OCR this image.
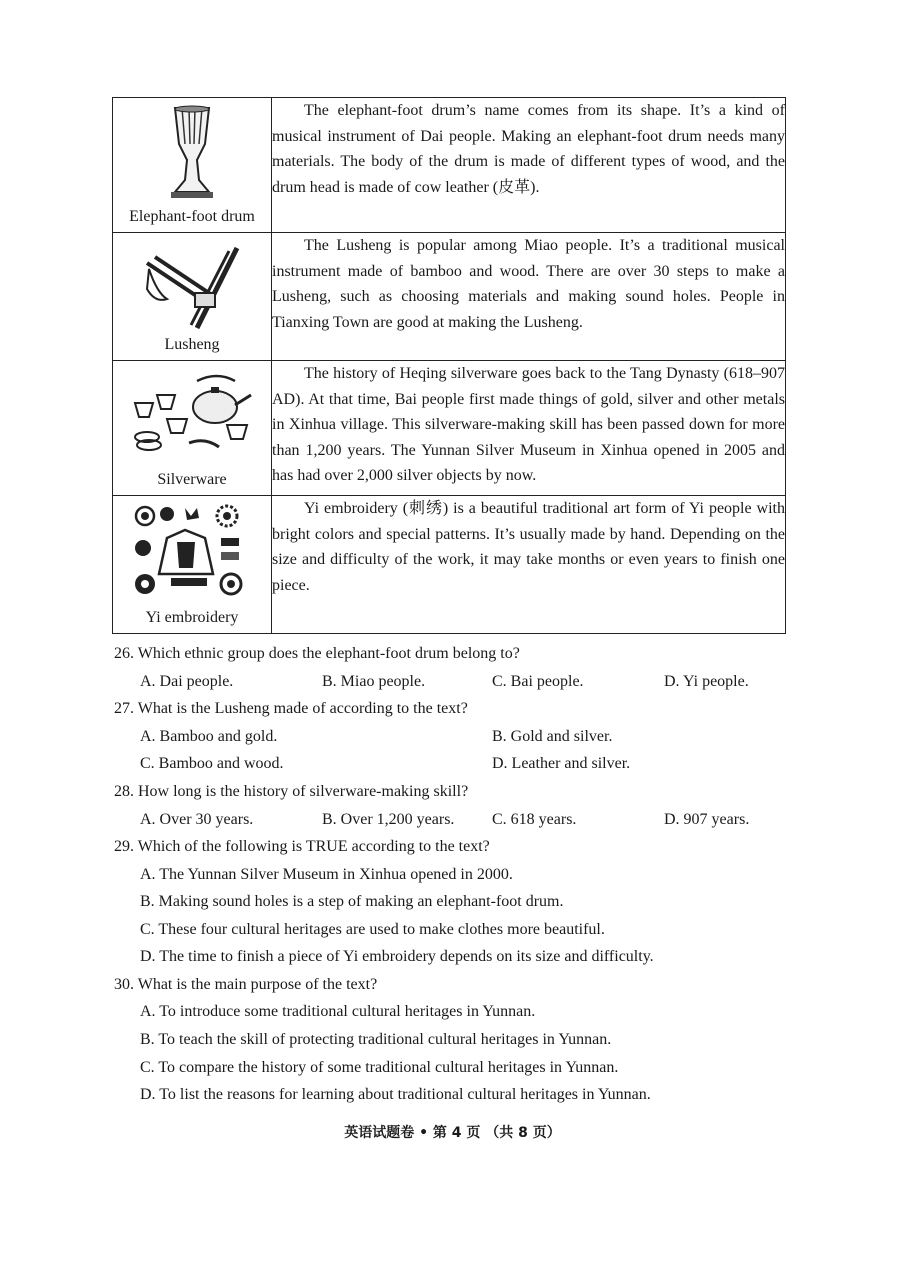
Elephant-foot drum	The elephant-foot drum’s name comes from its shape. It’s a kind of musical instrument of Dai people. Making an elephant-foot drum needs many materials. The body of the drum is made of different types of wood, and the drum head is made of cow leather (皮革).

Lusheng	The Lusheng is popular among Miao people. It’s a traditional musical instrument made of bamboo and wood. There are over 30 steps to make a Lusheng, such as choosing materials and making sound holes. People in Tianxing Town are good at making the Lusheng.

Silverware	The history of Heqing silverware goes back to the Tang Dynasty (618–907 AD). At that time, Bai people first made things of gold, silver and other metals in Xinhua village. This silverware-making skill has been passed down for more than 1,200 years. The Yunnan Silver Museum in Xinhua opened in 2005 and has had over 2,000 silver objects by now.

Yi embroidery	Yi embroidery (刺绣) is a beautiful traditional art form of Yi people with bright colors and special patterns. It’s usually made by hand. Depending on the size and difficulty of the work, it may take months or even years to finish one piece.

26. Which ethnic group does the elephant-foot drum belong to?
A. Dai people.	B. Miao people.	C. Bai people.	D. Yi people.
27. What is the Lusheng made of according to the text?
A. Bamboo and gold.	B. Gold and silver.
C. Bamboo and wood.	D. Leather and silver.
28. How long is the history of silverware-making skill?
A. Over 30 years.	B. Over 1,200 years. C. 618 years.	D. 907 years.
29. Which of the following is TRUE according to the text?
A. The Yunnan Silver Museum in Xinhua opened in 2000.
B. Making sound holes is a step of making an elephant-foot drum.
C. These four cultural heritages are used to make clothes more beautiful.
D. The time to finish a piece of Yi embroidery depends on its size and difficulty.
30. What is the main purpose of the text?
A. To introduce some traditional cultural heritages in Yunnan.
B. To teach the skill of protecting traditional cultural heritages in Yunnan.
C. To compare the history of some traditional cultural heritages in Yunnan.
D. To list the reasons for learning about traditional cultural heritages in Yunnan.
英语试题卷 • 第 4 页 （共 8 页）
